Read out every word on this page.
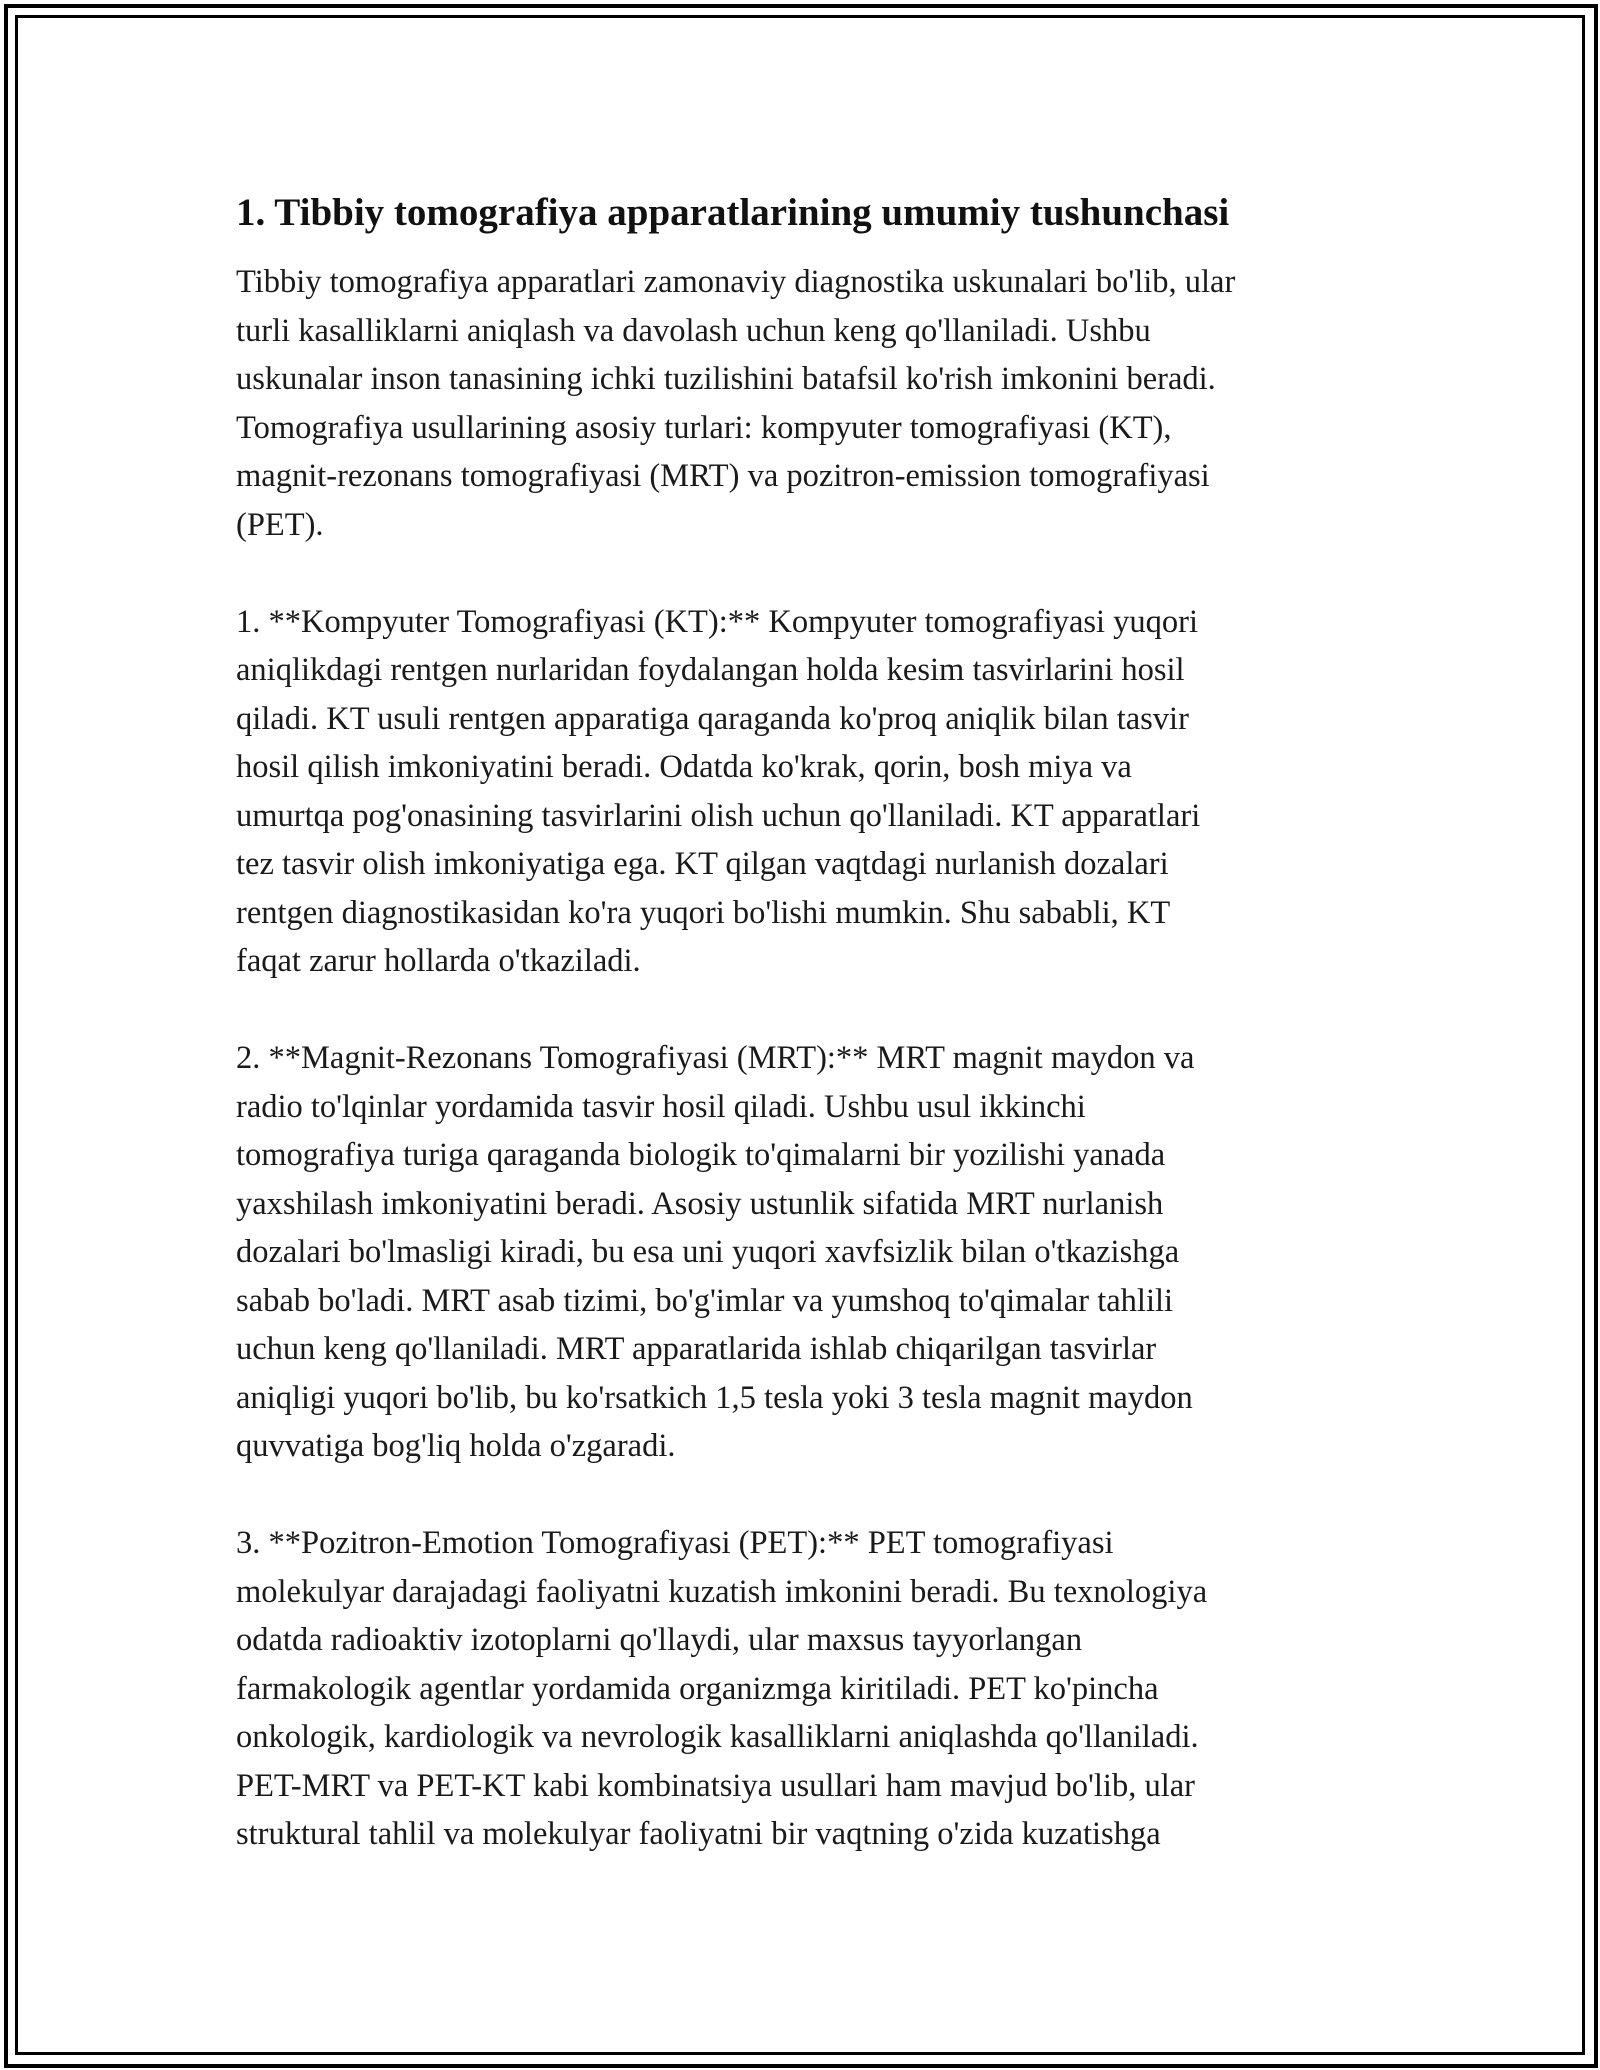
1. Tibbiy tomografiya apparatlarining umumiy tushunchasi

Tibbiy tomografiya apparatlari zamonaviy diagnostika uskunalari bo'lib, ular
turli kasalliklarni aniqlash va davolash uchun keng qo'llaniladi. Ushbu
uskunalar inson tanasining ichki tuzilishini batafsil ko'rish imkonini beradi.
Tomografiya usullarining asosiy turlari: kompyuter tomografiyasi (KT),
magnit-rezonans tomografiyasi (MRT) va pozitron-emission tomografiyasi
(PET).

1. **Kompyuter Tomografiyasi (KT):** Kompyuter tomografiyasi yuqori
aniqlikdagi rentgen nurlaridan foydalangan holda kesim tasvirlarini hosil
qiladi. KT usuli rentgen apparatiga qaraganda ko'proq aniqlik bilan tasvir
hosil qilish imkoniyatini beradi. Odatda ko'krak, qorin, bosh miya va
umurtqa pog'onasining tasvirlarini olish uchun qo'llaniladi. KT apparatlari
tez tasvir olish imkoniyatiga ega. KT qilgan vaqtdagi nurlanish dozalari
rentgen diagnostikasidan ko'ra yuqori bo'lishi mumkin. Shu sababli, KT
faqat zarur hollarda o'tkaziladi.

2. **Magnit-Rezonans Tomografiyasi (MRT):** MRT magnit maydon va
radio to'lqinlar yordamida tasvir hosil qiladi. Ushbu usul ikkinchi
tomografiya turiga qaraganda biologik to'qimalarni bir yozilishi yanada
yaxshilash imkoniyatini beradi. Asosiy ustunlik sifatida MRT nurlanish
dozalari bo'lmasligi kiradi, bu esa uni yuqori xavfsizlik bilan o'tkazishga
sabab bo'ladi. MRT asab tizimi, bo'g'imlar va yumshoq to'qimalar tahlili
uchun keng qo'llaniladi. MRT apparatlarida ishlab chiqarilgan tasvirlar
aniqligi yuqori bo'lib, bu ko'rsatkich 1,5 tesla yoki 3 tesla magnit maydon
quvvatiga bog'liq holda o'zgaradi.

3. **Pozitron-Emotion Tomografiyasi (PET):** PET tomografiyasi
molekulyar darajadagi faoliyatni kuzatish imkonini beradi. Bu texnologiya
odatda radioaktiv izotoplarni qo'llaydi, ular maxsus tayyorlangan
farmakologik agentlar yordamida organizmga kiritiladi. PET ko'pincha
onkologik, kardiologik va nevrologik kasalliklarni aniqlashda qo'llaniladi.
PET-MRT va PET-KT kabi kombinatsiya usullari ham mavjud bo'lib, ular
struktural tahlil va molekulyar faoliyatni bir vaqtning o'zida kuzatishga
